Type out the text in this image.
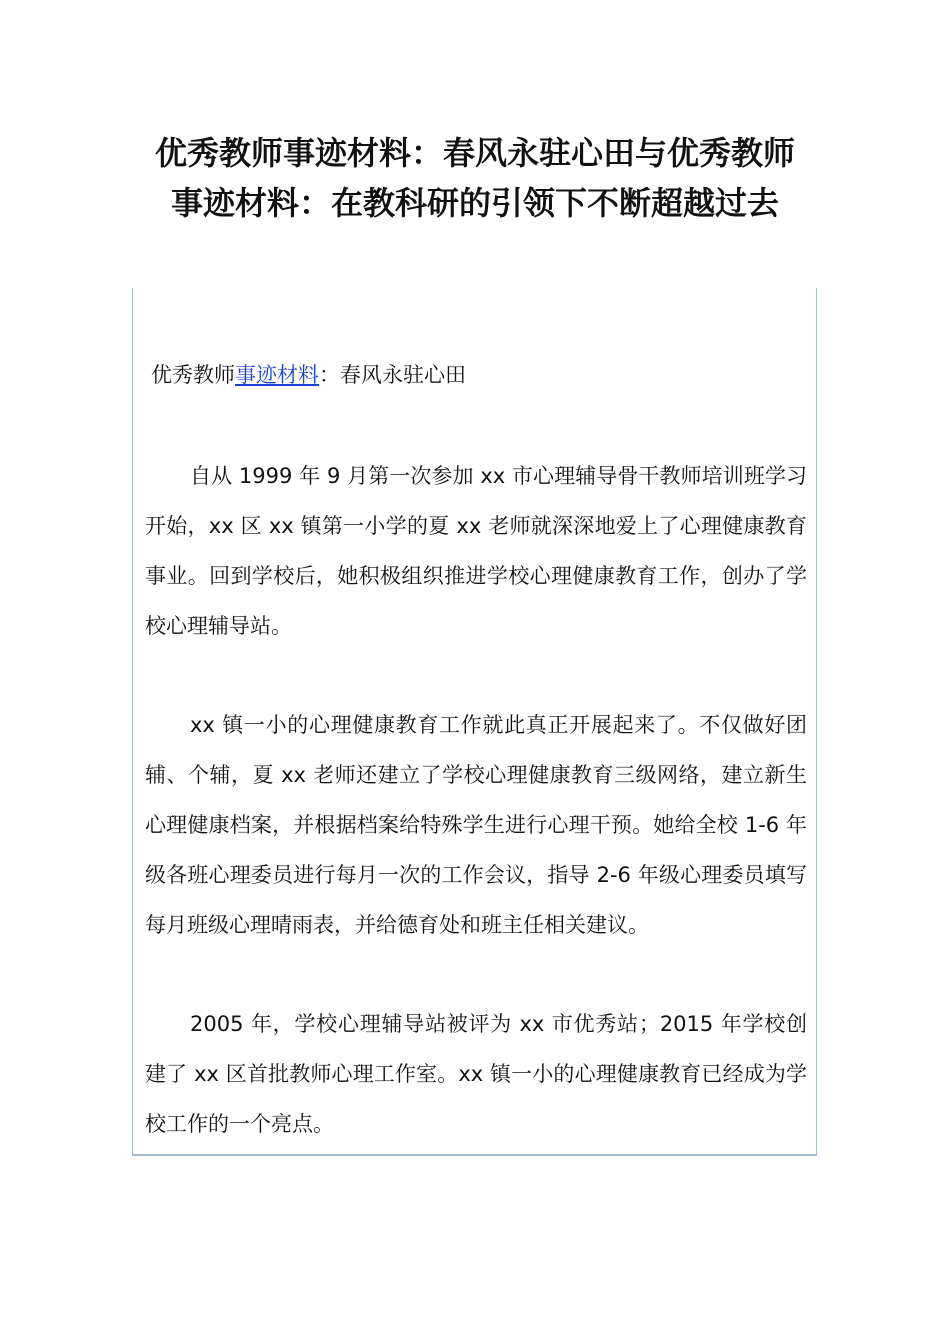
优秀教师事迹材料：春风永驻心田与优秀教师
事迹材料：在教科研的引领下不断超越过去
优秀教师事迹材料：春风永驻心田

自从 1999 年 9 月第一次参加 xx 市心理辅导骨干教师培训班学习开始，xx 区 xx 镇第一小学的夏 xx 老师就深深地爱上了心理健康教育事业。回到学校后，她积极组织推进学校心理健康教育工作，创办了学校心理辅导站。

xx 镇一小的心理健康教育工作就此真正开展起来了。不仅做好团辅、个辅，夏 xx 老师还建立了学校心理健康教育三级网络，建立新生心理健康档案，并根据档案给特殊学生进行心理干预。她给全校 1-6 年级各班心理委员进行每月一次的工作会议，指导 2-6 年级心理委员填写每月班级心理晴雨表，并给德育处和班主任相关建议。

2005 年，学校心理辅导站被评为 xx 市优秀站；2015 年学校创建了 xx 区首批教师心理工作室。xx 镇一小的心理健康教育已经成为学校工作的一个亮点。
